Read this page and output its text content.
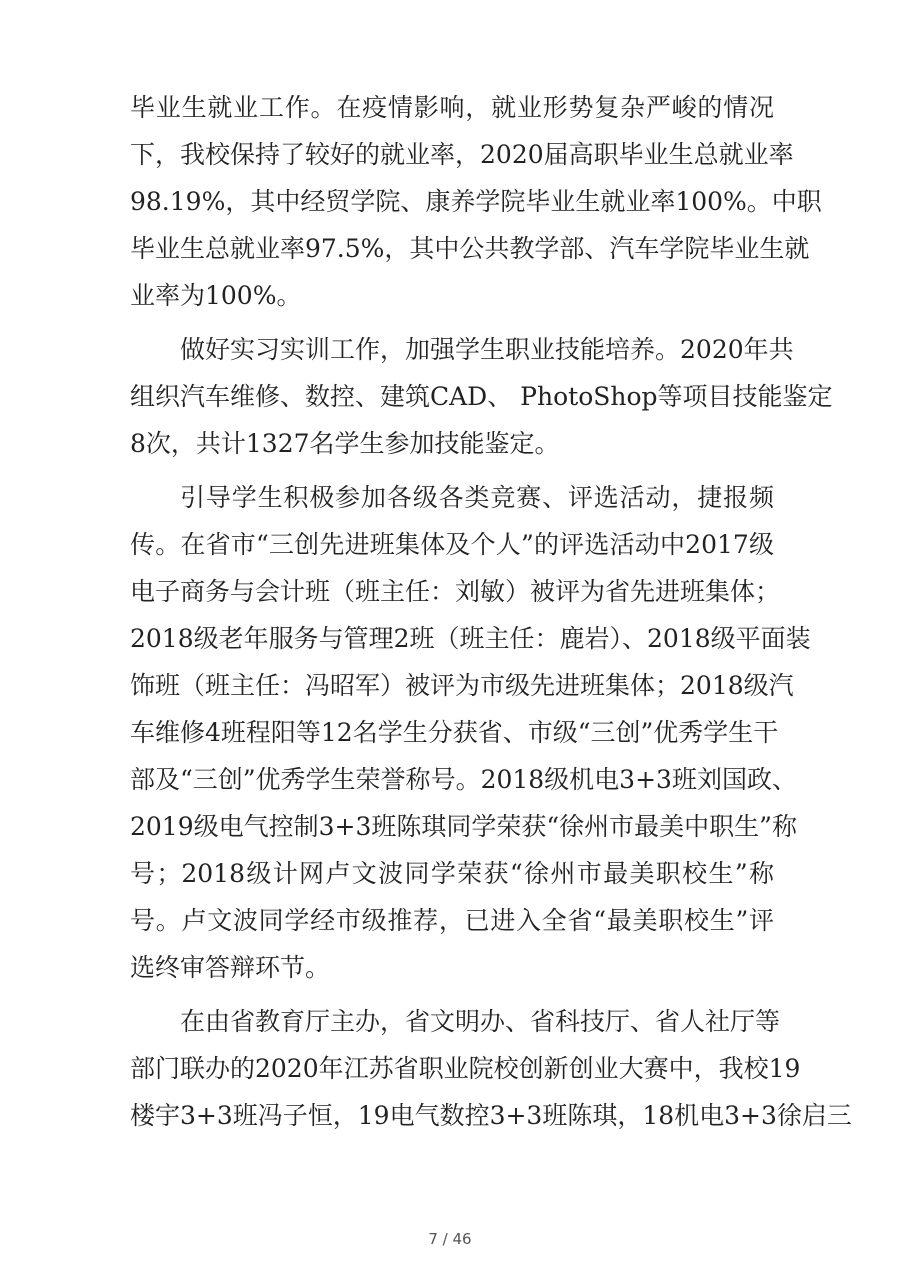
毕业生就业工作。在疫情影响，就业形势复杂严峻的情况
下，我校保持了较好的就业率，2020届高职毕业生总就业率
98.19%，其中经贸学院、康养学院毕业生就业率100%。中职
毕业生总就业率97.5%，其中公共教学部、汽车学院毕业生就
业率为100%。
做好实习实训工作，加强学生职业技能培养。2020年共
组织汽车维修、数控、建筑CAD、 PhotoShop等项目技能鉴定
8次，共计1327名学生参加技能鉴定。
引导学生积极参加各级各类竞赛、评选活动，捷报频
传。在省市“三创先进班集体及个人”的评选活动中2017级
电子商务与会计班（班主任：刘敏）被评为省先进班集体；
2018级老年服务与管理2班（班主任：鹿岩）、2018级平面装
饰班（班主任：冯昭军）被评为市级先进班集体；2018级汽
车维修4班程阳等12名学生分获省、市级“三创”优秀学生干
部及“三创”优秀学生荣誉称号。2018级机电3+3班刘国政、
2019级电气控制3+3班陈琪同学荣获“徐州市最美中职生”称
号；2018级计网卢文波同学荣获“徐州市最美职校生”称
号。卢文波同学经市级推荐，已进入全省“最美职校生”评
选终审答辩环节。
在由省教育厅主办，省文明办、省科技厅、省人社厅等
部门联办的2020年江苏省职业院校创新创业大赛中，我校19
楼宇3+3班冯子恒，19电气数控3+3班陈琪，18机电3+3徐启三
7 / 46
